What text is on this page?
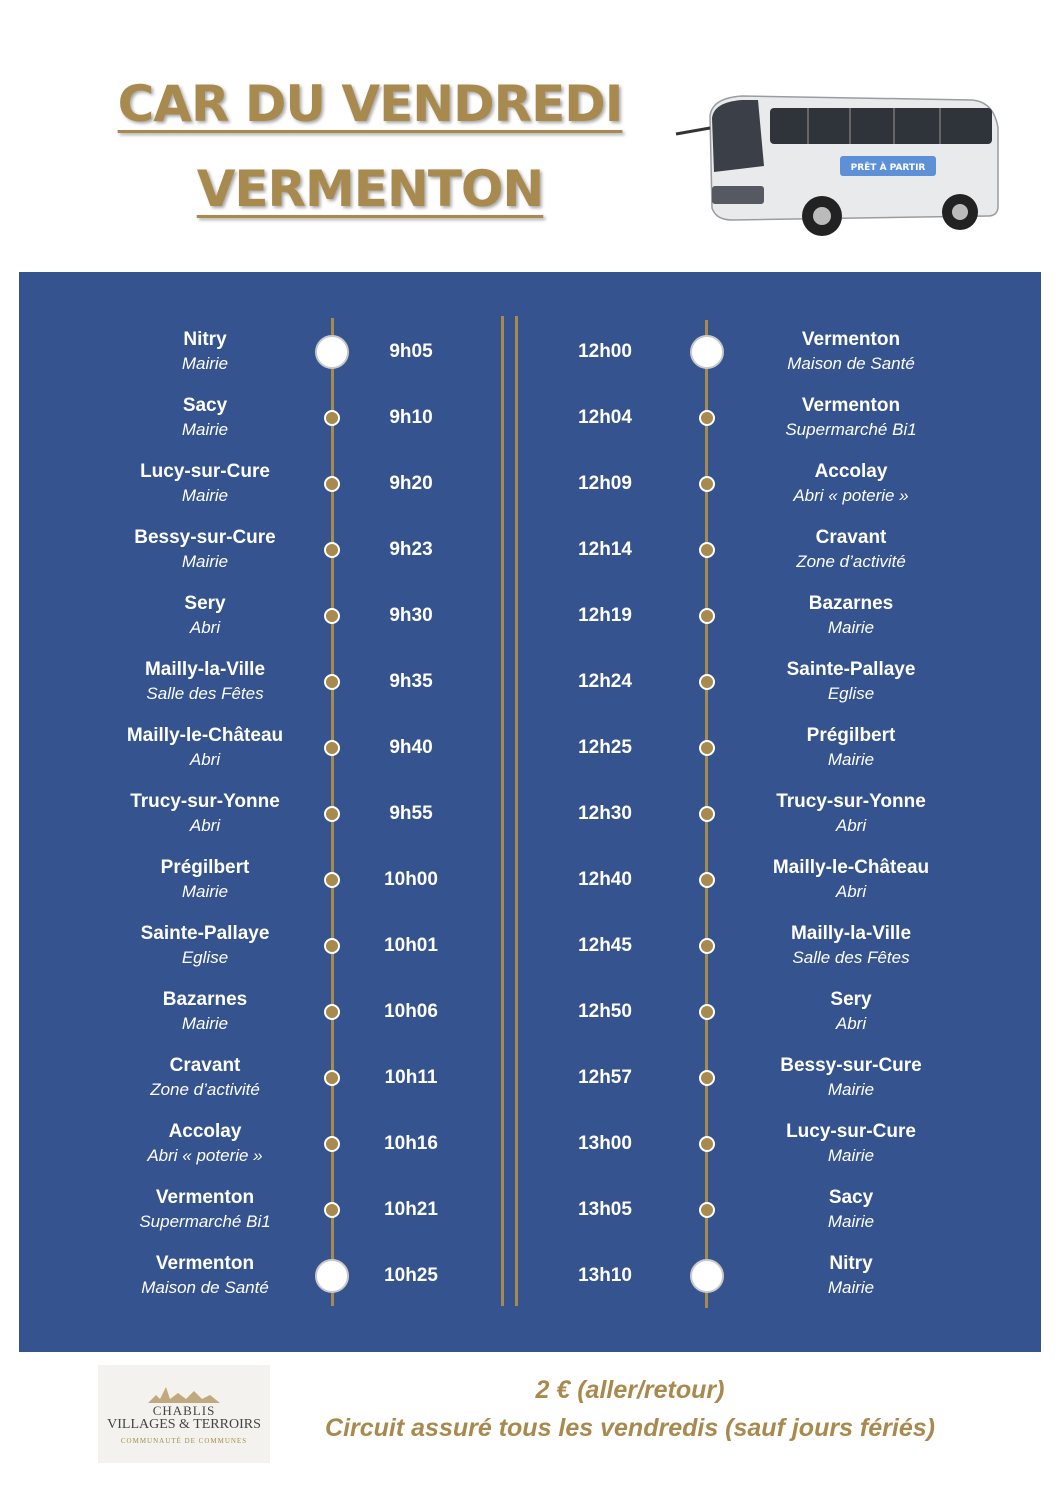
CAR DU VENDREDI
VERMENTON	PRÊT À PARTIR
Nitry
Mairie
9h05
Sacy
Mairie
9h10
Lucy-sur-Cure
Mairie
9h20
Bessy-sur-Cure
Mairie
9h23
Sery
Abri
9h30
Mailly-la-Ville
Salle des Fêtes
9h35
Mailly-le-Château
Abri
9h40
Trucy-sur-Yonne
Abri
9h55
Prégilbert
Mairie
10h00
Sainte-Pallaye
Eglise
10h01
Bazarnes
Mairie
10h06
Cravant
Zone d’activité
10h11
Accolay
Abri « poterie »
10h16
Vermenton
Supermarché Bi1
10h21
Vermenton
Maison de Santé
10h25
Vermenton
Maison de Santé
12h00
Vermenton
Supermarché Bi1
12h04
Accolay
Abri « poterie »
12h09
Cravant
Zone d’activité
12h14
Bazarnes
Mairie
12h19
Sainte-Pallaye
Eglise
12h24
Prégilbert
Mairie
12h25
Trucy-sur-Yonne
Abri
12h30
Mailly-le-Château
Abri
12h40
Mailly-la-Ville
Salle des Fêtes
12h45
Sery
Abri
12h50
Bessy-sur-Cure
Mairie
12h57
Lucy-sur-Cure
Mairie
13h00
Sacy
Mairie
13h05
Nitry
Mairie
13h10
CHABLIS
VILLAGES & TERROIRS
COMMUNAUTÉ DE COMMUNES
2 € (aller/retour)
Circuit assuré tous les vendredis (sauf jours fériés)
